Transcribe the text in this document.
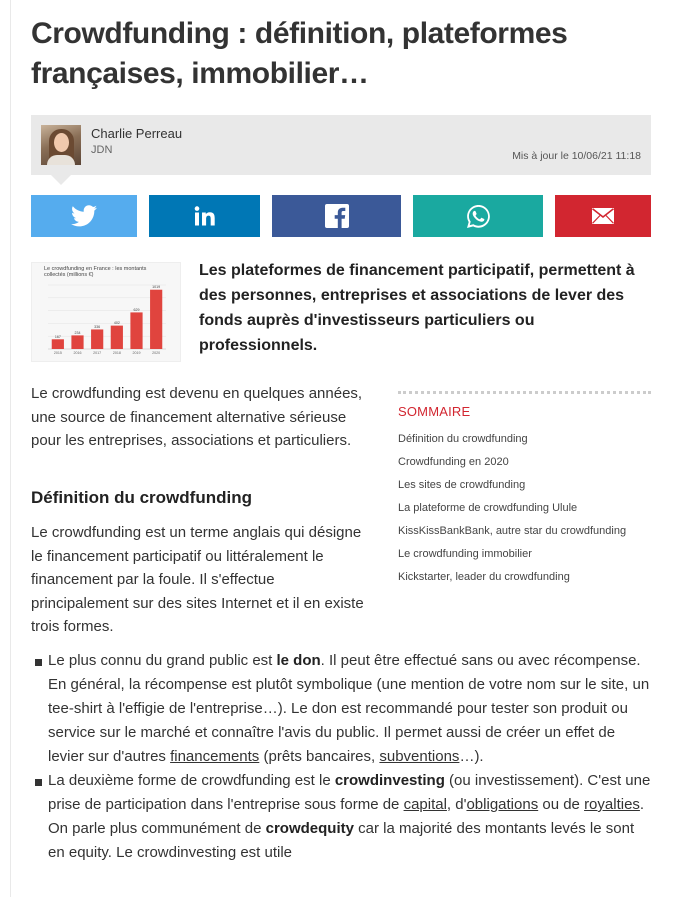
Crowdfunding : définition, plateformes françaises, immobilier…
Charlie Perreau
JDN	Mis à jour le 10/06/21 11:18
Le crowdfunding en France : les montants collectés (millions €)
167
2015
234
2016
336
2017
402
2018
629
2019
1019
2020

Les plateformes de financement participatif, permettent à des personnes, entreprises et associations de lever des fonds auprès d'investisseurs particuliers ou professionnels.

Le crowdfunding est devenu en quelques années, une source de financement alternative sérieuse pour les entreprises, associations et particuliers.

Définition du crowdfunding

Le crowdfunding est un terme anglais qui désigne le financement participatif ou littéralement le financement par la foule. Il s'effectue principalement sur des sites Internet et il en existe trois formes.

SOMMAIRE
Définition du crowdfunding
Crowdfunding en 2020
Les sites de crowdfunding
La plateforme de crowdfunding Ulule
KissKissBankBank, autre star du crowdfunding
Le crowdfunding immobilier
Kickstarter, leader du crowdfunding
Le plus connu du grand public est le don. Il peut être effectué sans ou avec récompense. En général, la récompense est plutôt symbolique (une mention de votre nom sur le site, un tee-shirt à l'effigie de l'entreprise…). Le don est recommandé pour tester son produit ou service sur le marché et connaître l'avis du public. Il permet aussi de créer un effet de levier sur d'autres financements (prêts bancaires, subventions…).
La deuxième forme de crowdfunding est le crowdinvesting (ou investissement). C'est une prise de participation dans l'entreprise sous forme de capital, d'obligations ou de royalties. On parle plus communément de crowdequity car la majorité des montants levés le sont en equity. Le crowdinvesting est utile
